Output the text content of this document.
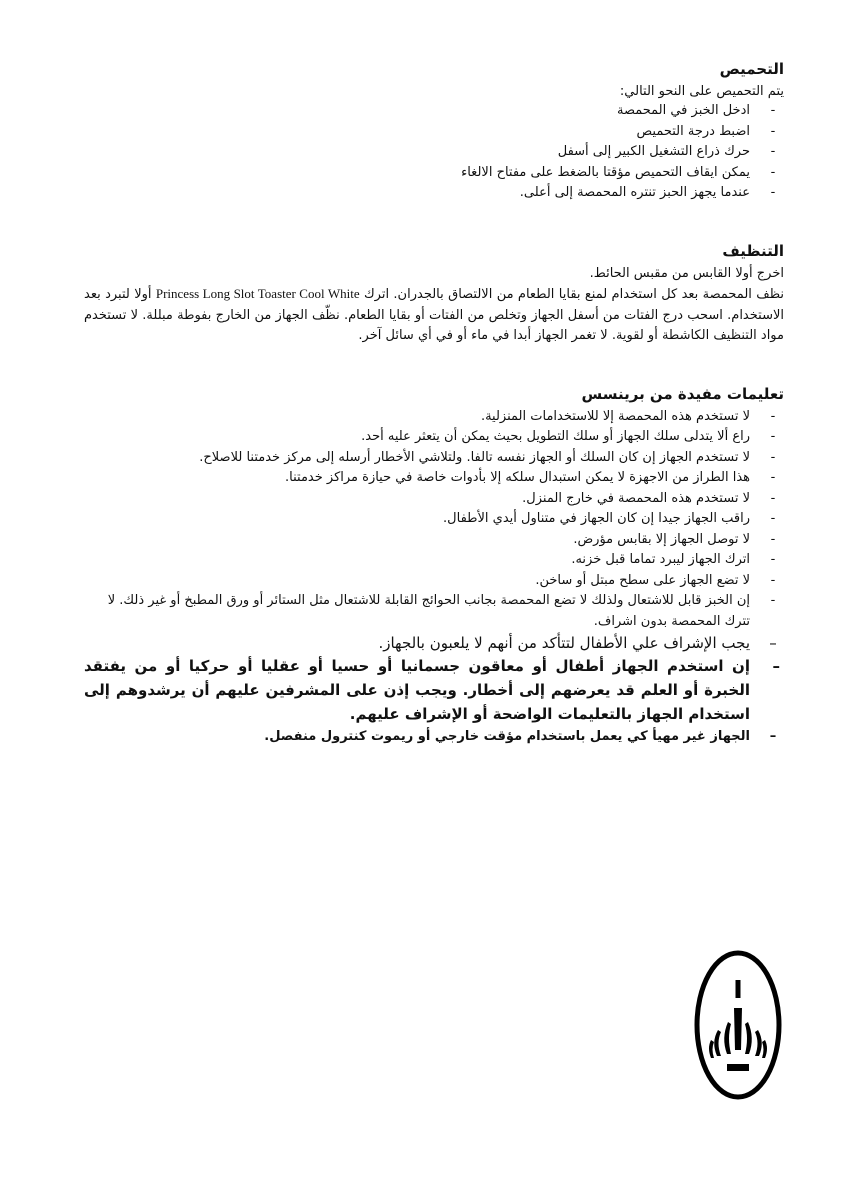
التحميص

يتم التحميص على النحو التالي:

-
ادخل الخبز في المحمصة
-
اضبط درجة التحميص
-
حرك ذراع التشغيل الكبير إلى أسفل
-
يمكن ايقاف التحميص مؤقتا بالضغط على مفتاح الالغاء
-
عندما يجهز الحبز تنتره المحمصة إلى أعلى.
التنظيف

اخرج أولا القابس من مقبس الحائط.

نظف المحمصة بعد كل استخدام لمنع بقايا الطعام من الالتصاق بالجدران. اترك Princess Long Slot Toaster Cool White أولا لتبرد بعد الاستخدام. اسحب درج الفتات من أسفل الجهاز وتخلص من الفتات أو بقايا الطعام. نظّف الجهاز من الخارج بفوطة مبللة. لا تستخدم مواد التنظيف الكاشطة أو لقوية. لا تغمر الجهاز أبدا في ماء أو في أي سائل آخر.

تعليمات مفيدة من برينسس
-
لا تستخدم هذه المحمصة إلا للاستخدامات المنزلية.
-
راع ألا يتدلى سلك الجهاز أو سلك التطويل بحيث يمكن أن يتعثر عليه أحد.
-
لا تستخدم الجهاز إن كان السلك أو الجهاز نفسه تالفا. ولتلاشي الأخطار أرسله إلى مركز خدمتنا للاصلاح.
-
هذا الطراز من الاجهزة لا يمكن استبدال سلكه إلا بأدوات خاصة في حيازة مراكز خدمتنا.
-
لا تستخدم هذه المحمصة في خارج المنزل.
-
راقب الجهاز جيدا إن كان الجهاز في متناول أيدي الأطفال.
-
لا توصل الجهاز إلا بقابس مؤرض.
-
اترك الجهاز ليبرد تماما قبل خزنه.
-
لا تضع الجهاز على سطح مبتل أو ساخن.
-
إن الخبز قابل للاشتعال ولذلك لا تضع المحمصة بجانب الحوائج القابلة للاشتعال مثل الستائر أو ورق المطبخ أو غير ذلك. لا تترك المحمصة بدون اشراف.
–
يجب الإشراف علي الأطفال لتتأكد من أنهم لا يلعبون بالجهاز.
–
إن استخدم الجهاز أطفال أو معاقون جسمانيا أو حسيا أو عقليا أو حركيا أو من يفتقد الخبرة أو العلم قد يعرضهم إلى أخطار. ويجب إذن على المشرفين عليهم أن يرشدوهم إلى استخدام الجهاز بالتعليمات الواضحة أو الإشراف عليهم.
–
الجهاز غير مهيأ كي يعمل باستخدام مؤقت خارجي أو ريموت كنترول منفصل.
